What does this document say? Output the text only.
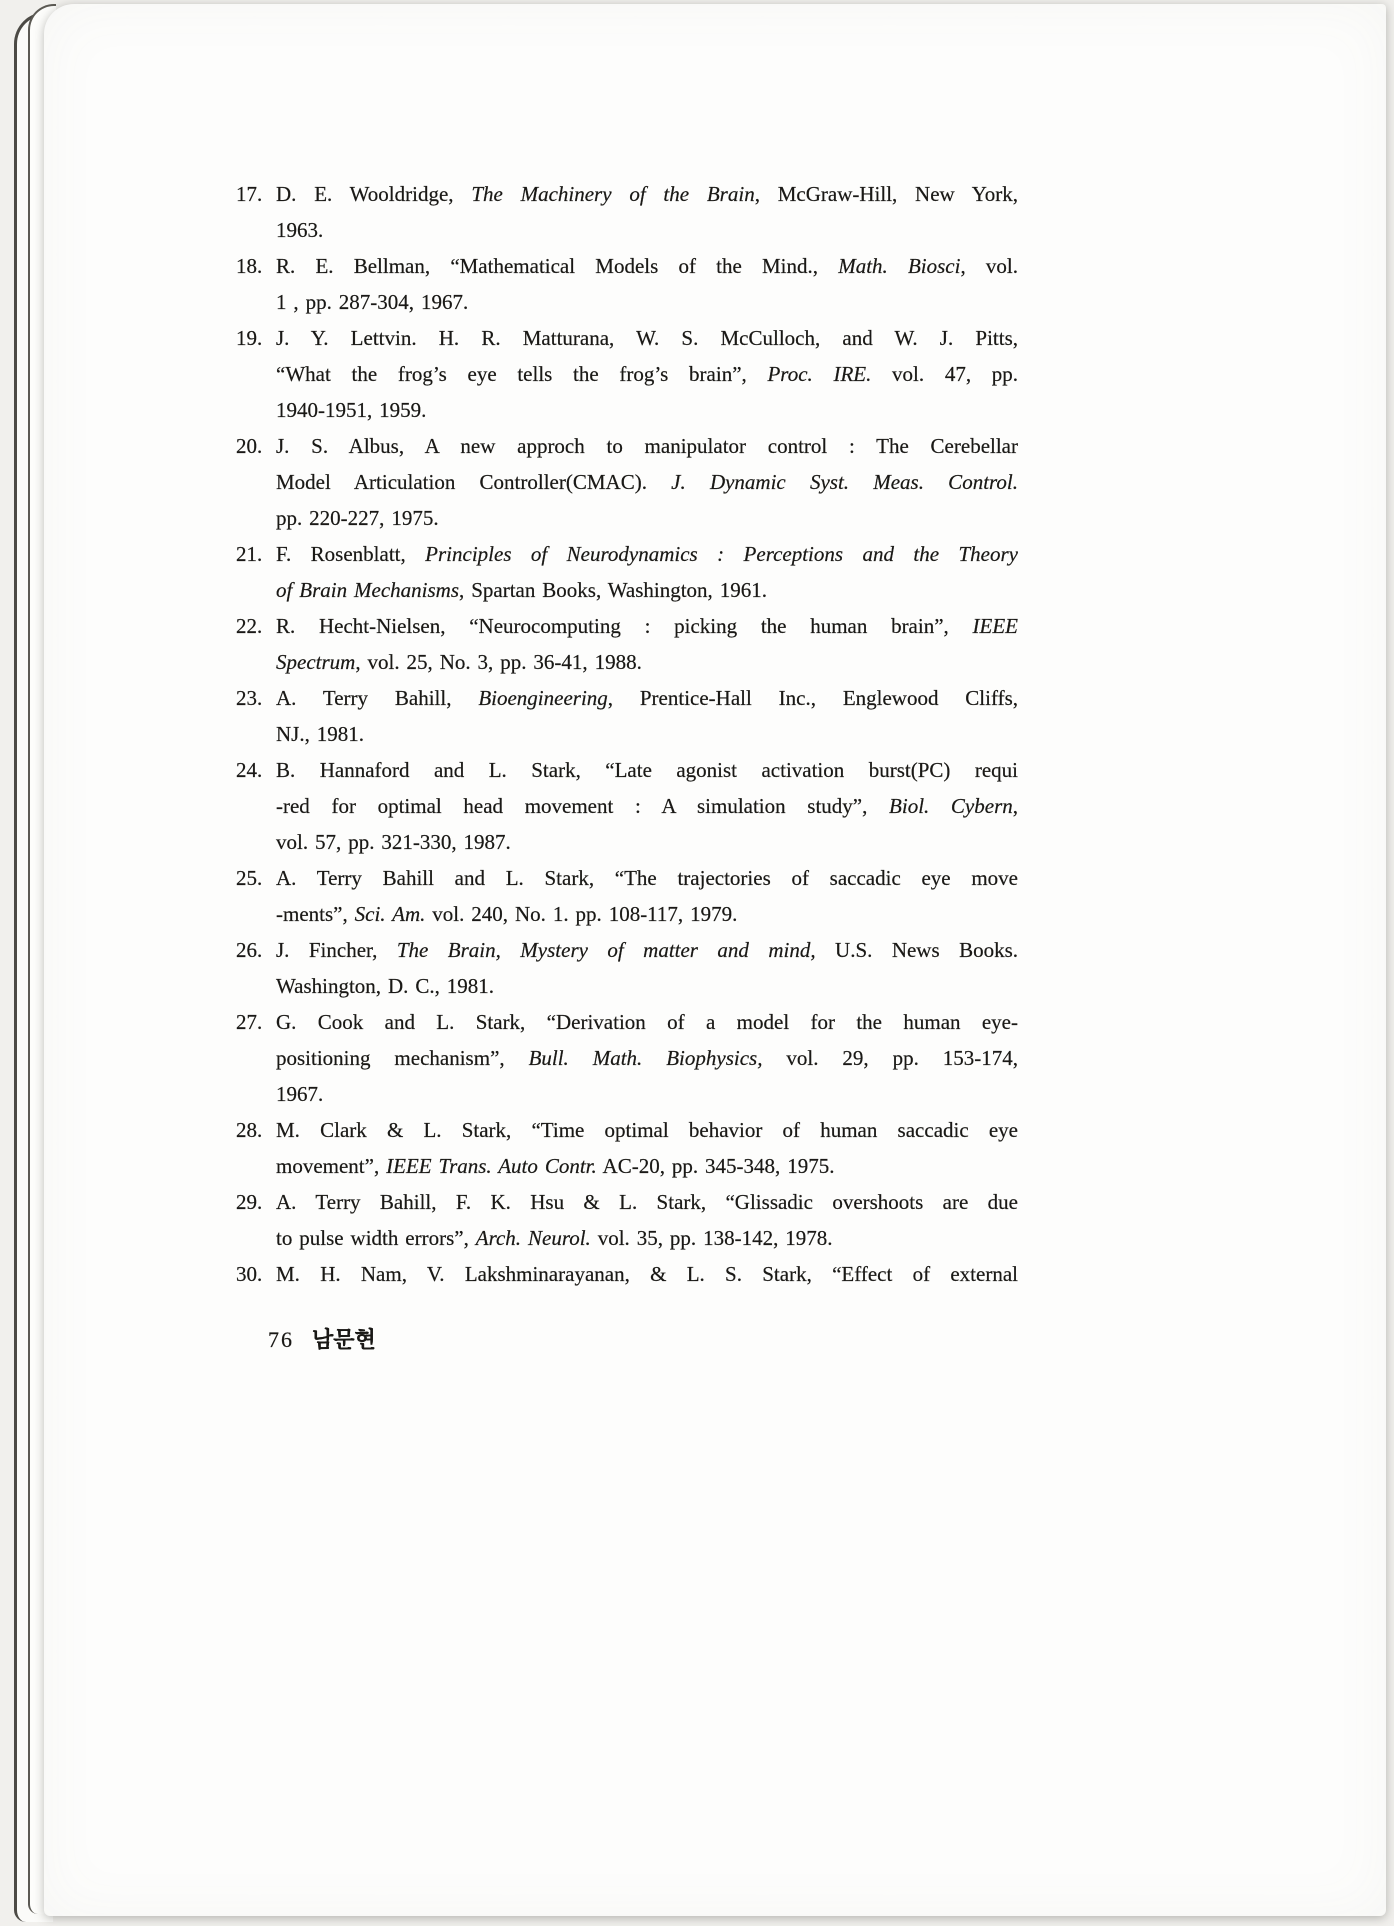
17. D. E. Wooldridge, The Machinery of the Brain, McGraw-Hill, New York,
1963.
18. R. E. Bellman, “Mathematical Models of the Mind., Math. Biosci, vol.
1 , pp. 287-304, 1967.
19. J. Y. Lettvin. H. R. Matturana, W. S. McCulloch, and W. J. Pitts,
“What the frog’s eye tells the frog’s brain”, Proc. IRE. vol. 47, pp.
1940-1951, 1959.
20. J. S. Albus, A new approch to manipulator control : The Cerebellar
Model Articulation Controller(CMAC). J. Dynamic Syst. Meas. Control.
pp. 220-227, 1975.
21. F. Rosenblatt, Principles of Neurodynamics : Perceptions and the Theory
of Brain Mechanisms, Spartan Books, Washington, 1961.
22. R. Hecht-Nielsen, “Neurocomputing : picking the human brain”, IEEE
Spectrum, vol. 25, No. 3, pp. 36-41, 1988.
23. A. Terry Bahill, Bioengineering, Prentice-Hall Inc., Englewood Cliffs,
NJ., 1981.
24. B. Hannaford and L. Stark, “Late agonist activation burst(PC) requi
-red for optimal head movement : A simulation study”, Biol. Cybern,
vol. 57, pp. 321-330, 1987.
25. A. Terry Bahill and L. Stark, “The trajectories of saccadic eye move
-ments”, Sci. Am. vol. 240, No. 1. pp. 108-117, 1979.
26. J. Fincher, The Brain, Mystery of matter and mind, U.S. News Books.
Washington, D. C., 1981.
27. G. Cook and L. Stark, “Derivation of a model for the human eye-
positioning mechanism”, Bull. Math. Biophysics, vol. 29, pp. 153-174,
1967.
28. M. Clark & L. Stark, “Time optimal behavior of human saccadic eye
movement”, IEEE Trans. Auto Contr. AC-20, pp. 345-348, 1975.
29. A. Terry Bahill, F. K. Hsu & L. Stark, “Glissadic overshoots are due
to pulse width errors”, Arch. Neurol. vol. 35, pp. 138-142, 1978.
30. M. H. Nam, V. Lakshminarayanan, & L. S. Stark, “Effect of external
76 남문현
